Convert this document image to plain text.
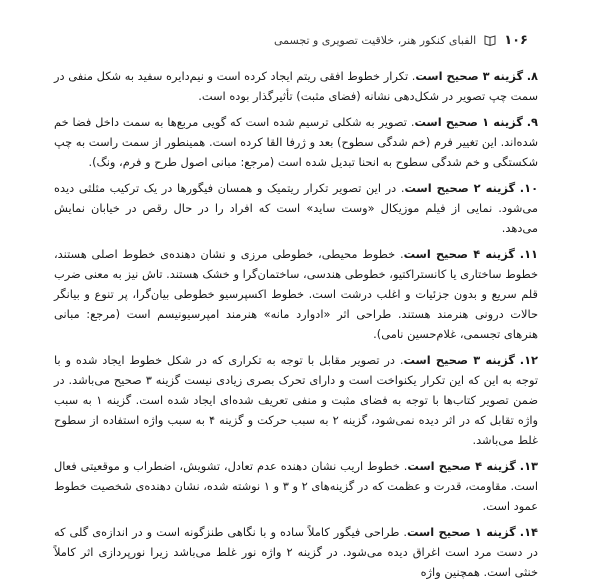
۱۰۶
الفبای کنکور هنر، خلاقیت تصویری و تجسمی

۸. گزینه ۳ صحیح است. تکرار خطوط افقی ریتم ایجاد کرده است و نیم‌دایره سفید به شکل منفی در سمت چپ تصویر در شکل‌دهی نشانه (فضای مثبت) تأثیرگذار بوده است.

۹. گزینه ۱ صحیح است. تصویر به شکلی ترسیم شده است که گویی مربع‌ها به سمت داخل فضا خم شده‌اند. این تغییر فرم (خم شدگی سطوح) بعد و ژرفا القا کرده است. همینطور از سمت راست به چپ شکستگی و خم شدگی سطوح به انحنا تبدیل شده است (مرجع: مبانی اصول طرح و فرم، ونگ).

۱۰. گزینه ۲ صحیح است. در این تصویر تکرار ریتمیک و همسان فیگورها در یک ترکیب مثلثی دیده می‌شود. نمایی از فیلم موزیکال «وست ساید» است که افراد را در حال رقص در خیابان نمایش می‌دهد.

۱۱. گزینه ۴ صحیح است. خطوط محیطی، خطوطی مرزی و نشان دهنده‌ی خطوط اصلی هستند، خطوط ساختاری یا کانستراکتیو، خطوطی هندسی، ساختمان‌گرا و خشک هستند. تاش نیز به معنی ضرب قلم سریع و بدون جزئیات و اغلب درشت است. خطوط اکسپرسیو خطوطی بیان‌گرا، پر تنوع و بیانگر حالات درونی هنرمند هستند. طراحی اثر «ادوارد مانه» هنرمند امپرسیونیسم است (مرجع: مبانی هنرهای تجسمی، غلام‌حسین نامی).

۱۲. گزینه ۳ صحیح است. در تصویر مقابل با توجه به تکراری که در شکل خطوط ایجاد شده و با توجه به این که این تکرار یکنواخت است و دارای تحرک بصری زیادی نیست گزینه ۳ صحیح می‌باشد. در ضمن تصویر کتاب‌ها با توجه به فضای مثبت و منفی تعریف شده‌ای ایجاد شده است. گزینه ۱ به سبب واژه تقابل که در اثر دیده نمی‌شود، گزینه ۲ به سبب حرکت و گزینه ۴ به سبب واژه استفاده از سطوح غلط می‌باشد.

۱۳. گزینه ۴ صحیح است. خطوط اریب نشان دهنده عدم تعادل، تشویش، اضطراب و موقعیتی فعال است. مقاومت، قدرت و عظمت که در گزینه‌های ۲ و ۳ و ۱ نوشته شده، نشان دهنده‌ی شخصیت خطوط عمود است.

۱۴. گزینه ۱ صحیح است. طراحی فیگور کاملاً ساده و با نگاهی طنزگونه است و در اندازه‌ی گلی که در دست مرد است اغراق دیده می‌شود. در گزینه ۲ واژه نور غلط می‌باشد زیرا نورپردازی اثر کاملاً خنثی است. همچنین واژه
